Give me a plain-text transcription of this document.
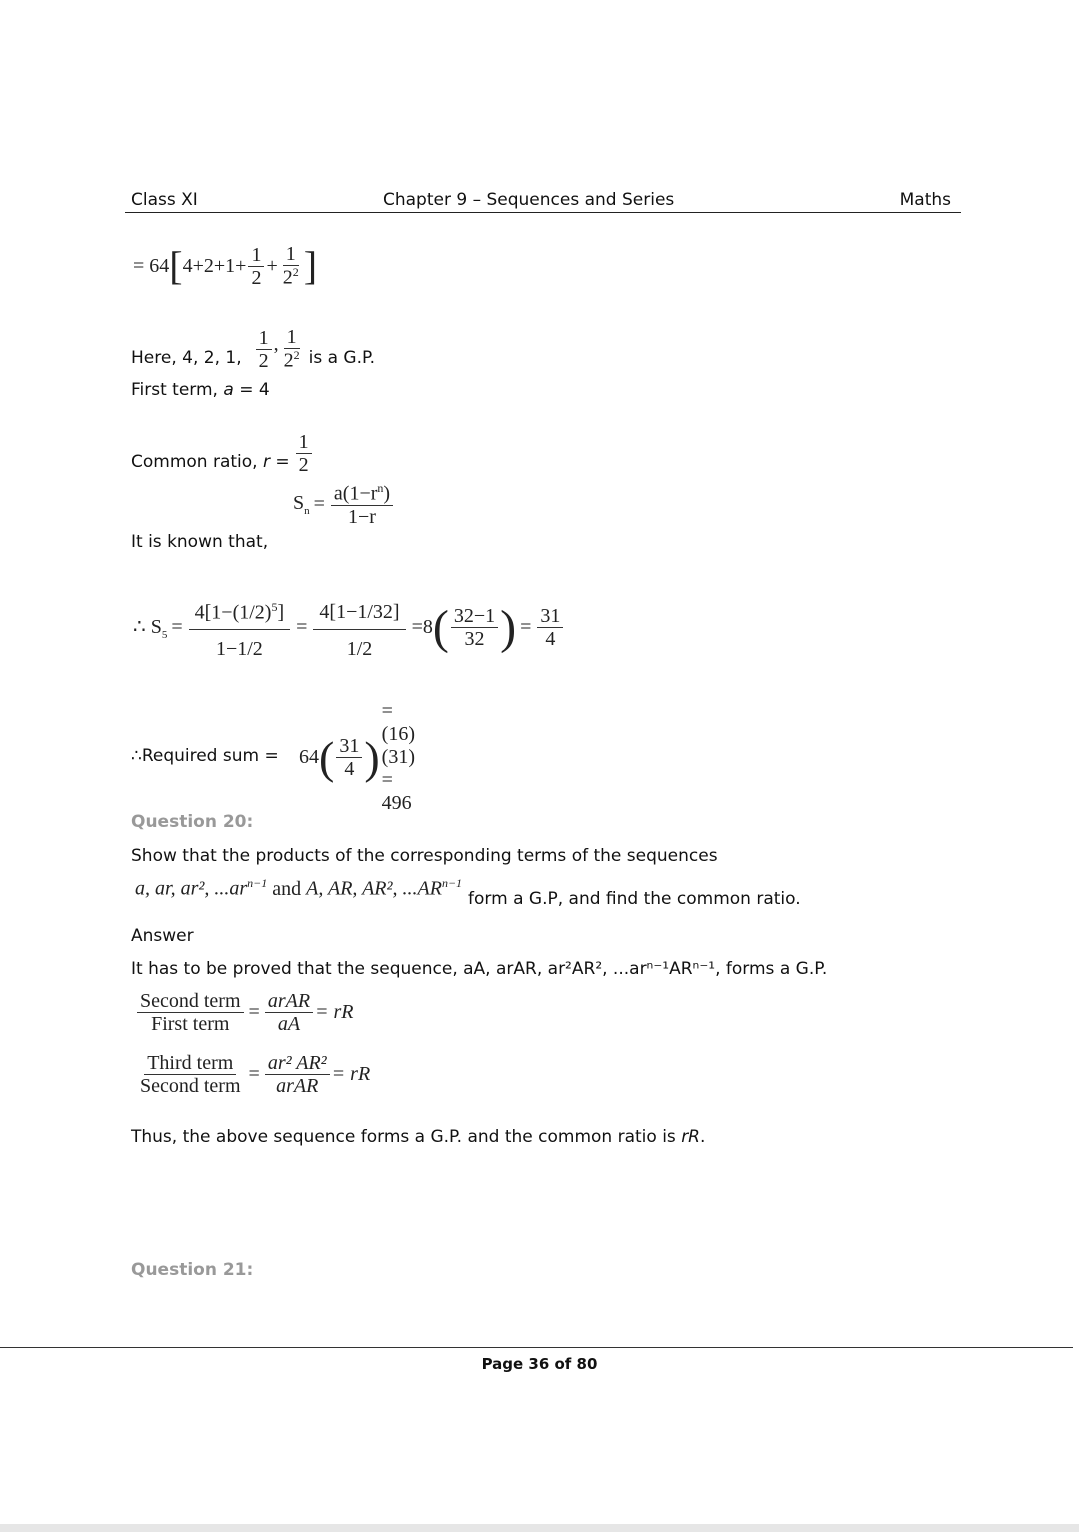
Class XI	Chapter 9 – Sequences and Series	Maths
= 64 [ $4+2+1+ \frac{1}{2} + \frac{1}{2^2}$ ]
Here, 4, 2, 1, $\frac{1}{2}$ , $\frac{1}{2^2}$ is a G.P.
First term, a = 4
Common ratio, $r = \frac{1}{2}$
It is known that,
$S_n = \frac{a(1-r^n)}{1-r}$
∴ $S_5 = \frac{4[1-(1/2)^5]}{1-1/2} = \frac{4[1-1/32]}{1/2} =8$ ( $\frac{32-1}{32}$ ) = $\frac{31}{4}$
∴Required sum = 64 ( $\frac{31}{4}$ )
= (16)(31) = 496
Question 20:
Show that the products of the corresponding terms of the sequences
a, ar, ar², $...ar^{n-1}$ and A, AR, AR², $...AR^{n-1}$
form a G.P, and find the common ratio.
Answer
It has to be proved that the sequence, aA, arAR, ar²AR², ...arⁿ⁻¹ARⁿ⁻¹, forms a G.P.
$\frac{\text{Second term}}{\text{First term}} = \frac{\text{arAR}}{aA}$ = rR
$\frac{\text{Third term}}{\text{Second term}} = \frac{\text{ar² AR²}}{\text{arAR}}$ = rR
Thus, the above sequence forms a G.P. and the common ratio is rR.
Question 21:
Page 36 of 80
